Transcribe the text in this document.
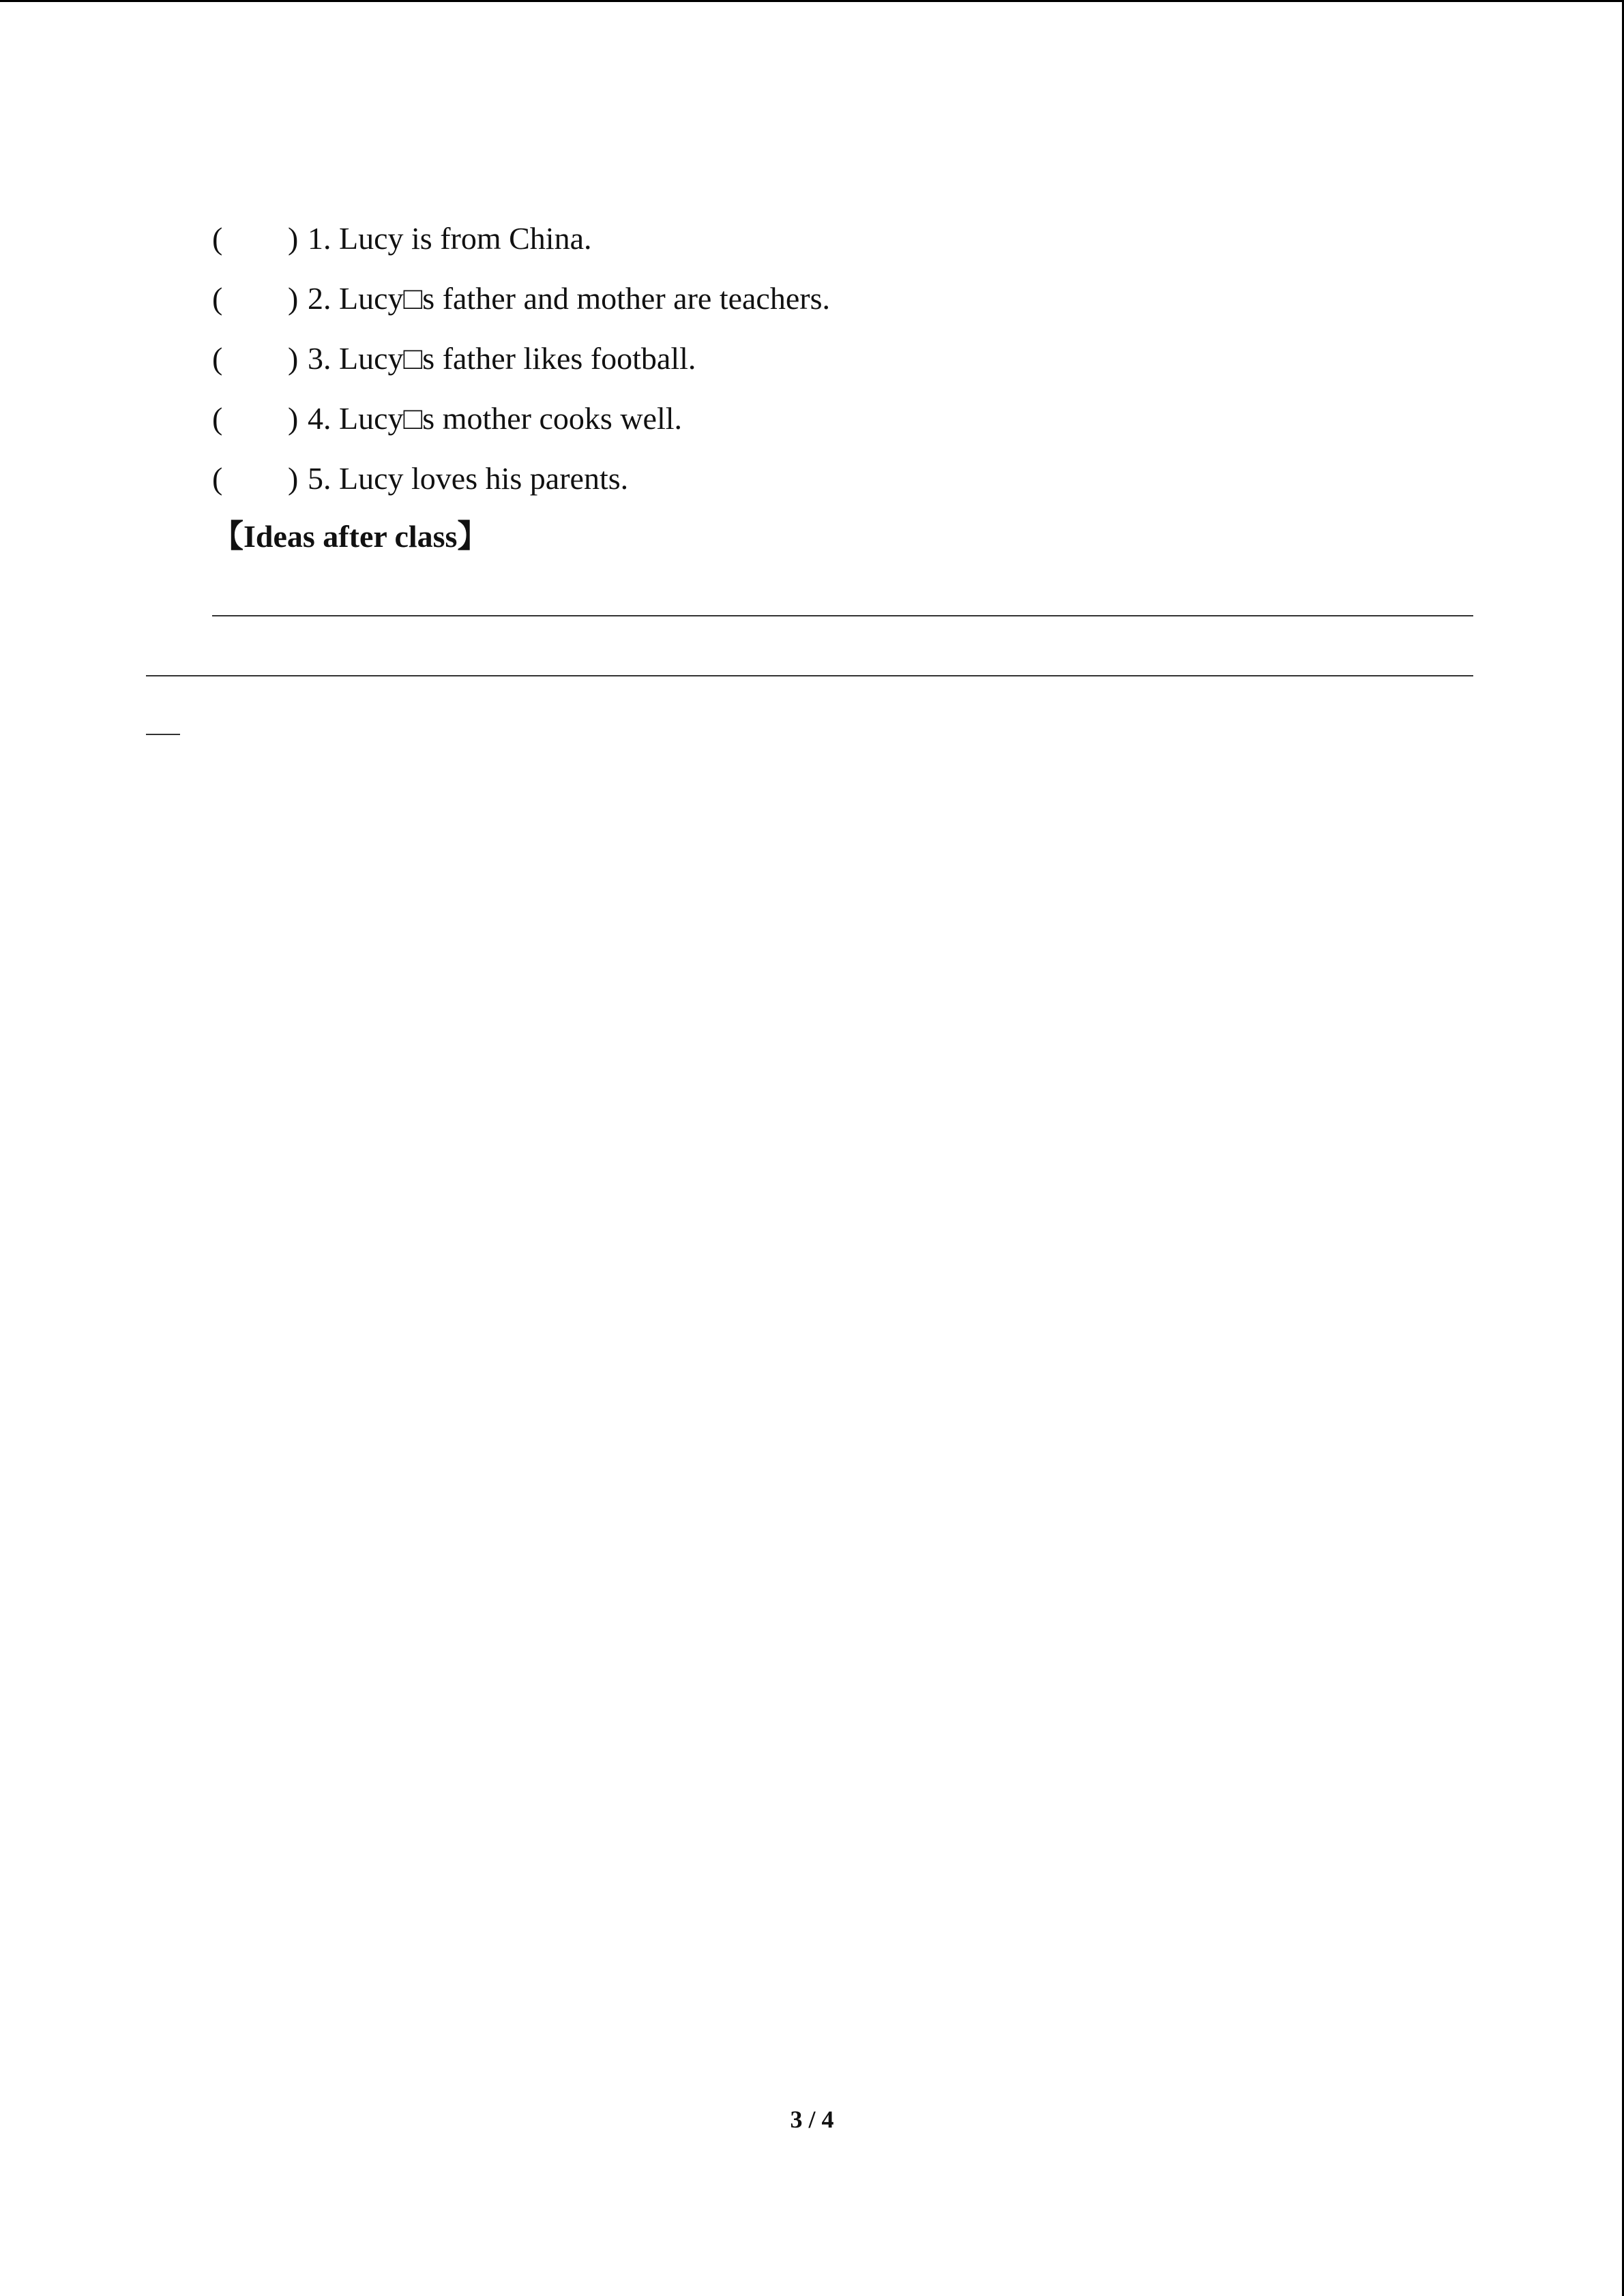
( ) 1. Lucy is from China.
( ) 2. Lucy□s father and mother are teachers.
( ) 3. Lucy□s father likes football.
( ) 4. Lucy□s mother cooks well.
( ) 5. Lucy loves his parents.
【Ideas after class】
3 / 4
